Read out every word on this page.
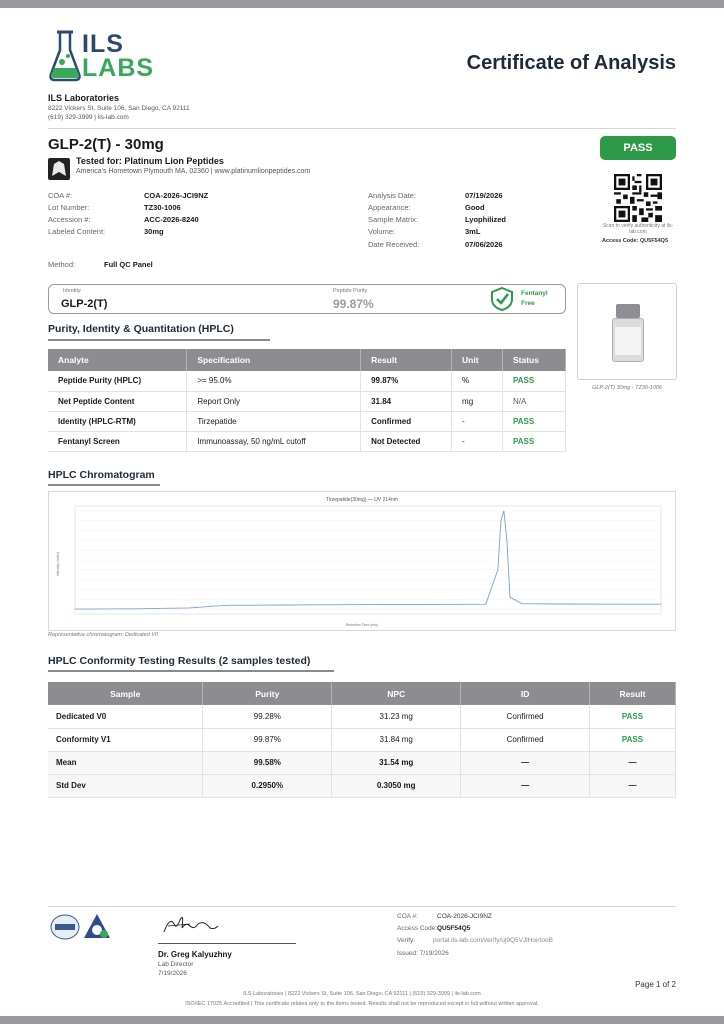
ILS
LABS	Certificate of Analysis
ILS Laboratories
8222 Vickers St, Suite 106, San Diego, CA 92111
(619) 329-3999 | ils-lab.com
GLP-2(T) - 30mg
Tested for: Platinum Lion Peptides
America's Hometown Plymouth MA, 02360 | www.platinumlionpeptides.com
PASS
Scan to verify authenticity at ils-lab.com
Access Code: QU5F54Q5
COA #:	COA-2026-JCI9NZ
Lot Number:	TZ30-1006
Accession #:	ACC-2026-8240
Labeled Content:	30mg
Analysis Date:	07/19/2026
Appearance:	Good
Sample Matrix:	Lyophilized
Volume:	3mL
Date Received:	07/06/2026
Method:	Full QC Panel
Identity
GLP-2(T)
Peptide Purity
99.87%
Fentanyl
Free
GLP-2(T) 30mg - TZ30-1006
Purity, Identity & Quantitation (HPLC)
Analyte	Specification	Result	Unit	Status
Peptide Purity (HPLC)	>= 95.0%	99.87%	%	PASS
Net Peptide Content	Report Only	31.84	mg	N/A
Identity (HPLC-RTM)	Tirzepatide	Confirmed	-	PASS
Fentanyl Screen	Immunoassay, 50 ng/mL cutoff	Not Detected	-	PASS
HPLC Chromatogram
Tirzepatide(30mg) — UV 214nm
Retention Time (min)
Intensity (mAU)
Representative chromatogram: Dedicated V0
HPLC Conformity Testing Results (2 samples tested)
Sample	Purity	NPC	ID	Result
Dedicated V0	99.28%	31.23 mg	Confirmed	PASS
Conformity V1	99.87%	31.84 mg	Confirmed	PASS
Mean	99.58%	31.54 mg	—	—
Std Dev	0.2950%	0.3050 mg	—	—
Dr. Greg Kalyuzhny
Lab Director
7/19/2026
COA #:	COA-2026-JCI9NZ
Access Code: QU5F54Q5
Verify:	portal.ils-lab.com/verify/uj9Q5VJlHoirtooB
Issued: 7/19/2026
Page 1 of 2
ILS Laboratories | 8222 Vickers St, Suite 106, San Diego, CA 92111 | (619) 329-3999 | ils-lab.com
ISO/IEC 17025 Accredited | This certificate relates only to the items tested. Results shall not be reproduced except in full without written approval.
